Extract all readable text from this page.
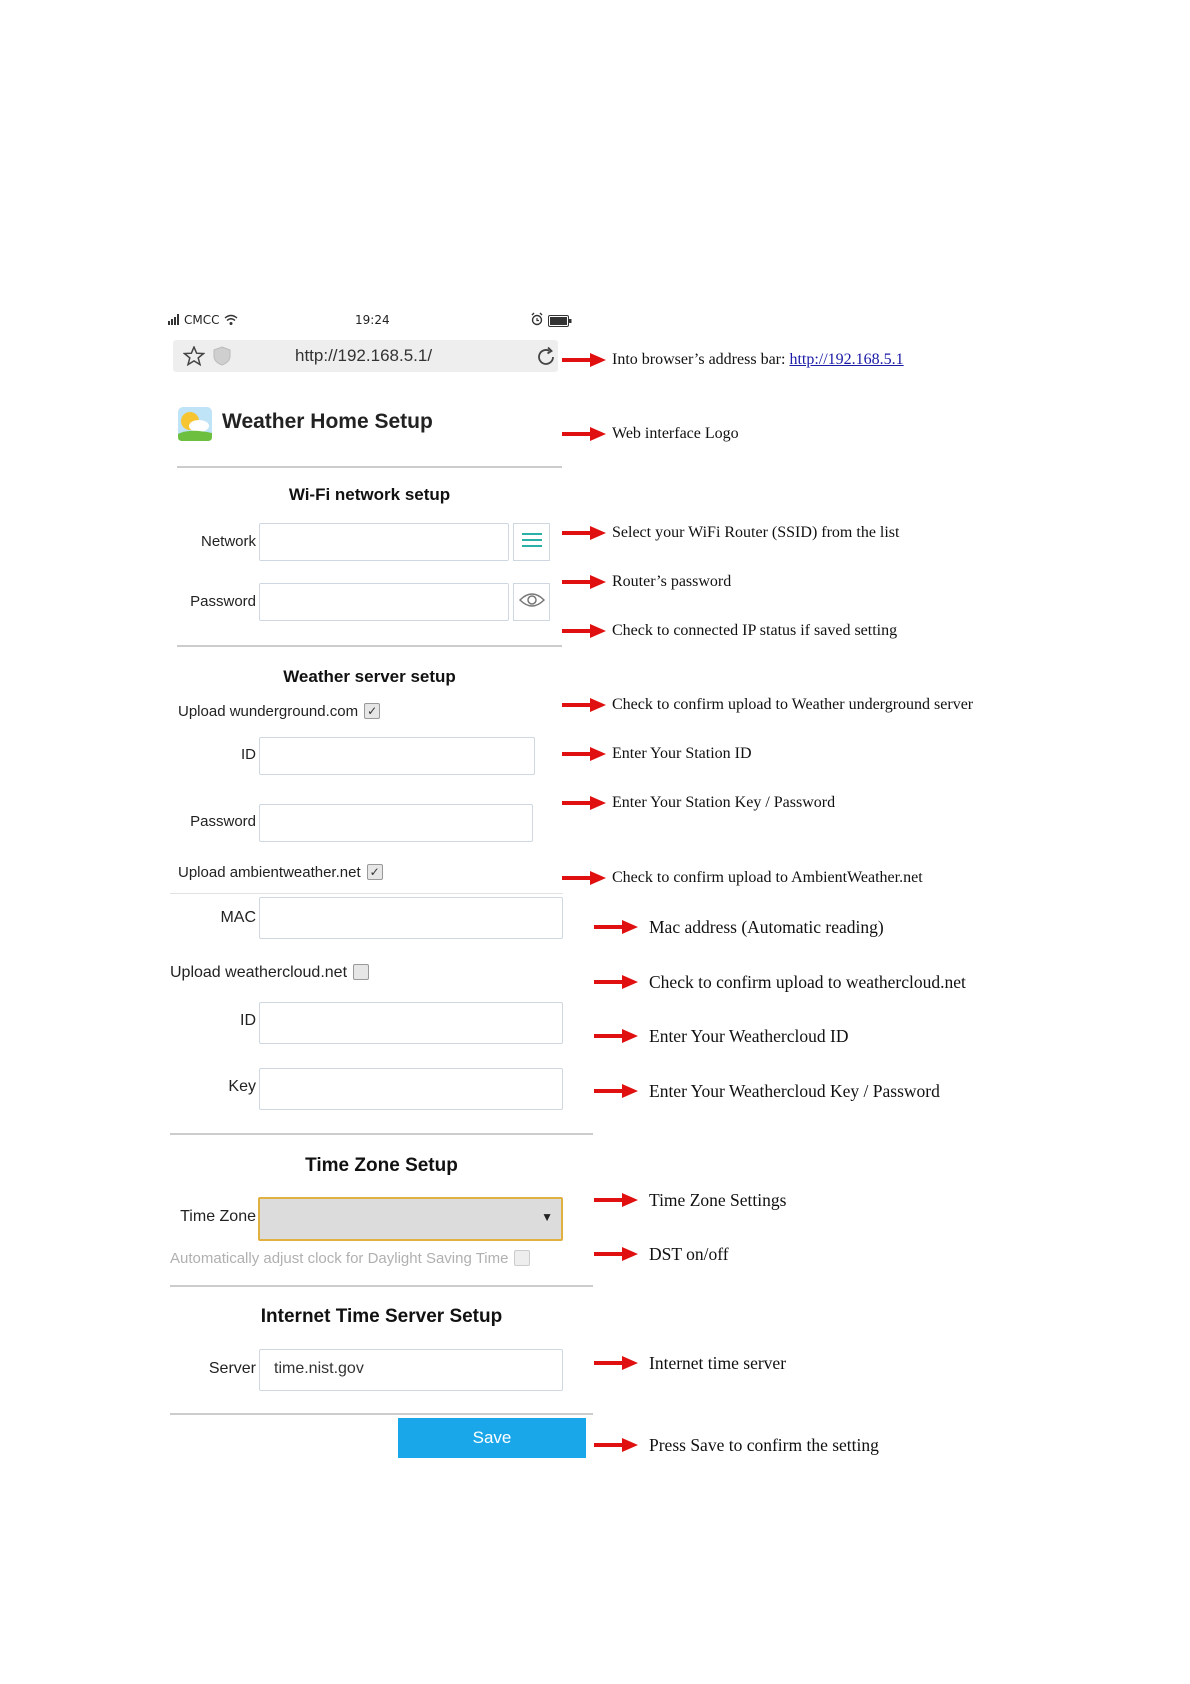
CMCC	19:24
http://192.168.5.1/
Weather Home Setup
Wi-Fi network setup
Network
Password
Weather server setup
Upload wunderground.com ✓
ID
Password
Upload ambientweather.net ✓
MAC
Upload weathercloud.net
ID
Key
Time Zone Setup
Time Zone	▼
Automatically adjust clock for Daylight Saving Time
Internet Time Server Setup
Server	time.nist.gov
Save
Into browser’s address bar: http://192.168.5.1
Web interface Logo
Select your WiFi Router (SSID) from the list
Router’s password
Check to connected IP status if saved setting
Check to confirm upload to Weather underground server
Enter Your Station ID
Enter Your Station Key / Password
Check to confirm upload to AmbientWeather.net
Mac address (Automatic reading)
Check to confirm upload to weathercloud.net
Enter Your Weathercloud ID
Enter Your Weathercloud Key / Password
Time Zone Settings
DST on/off
Internet time server
Press Save to confirm the setting
